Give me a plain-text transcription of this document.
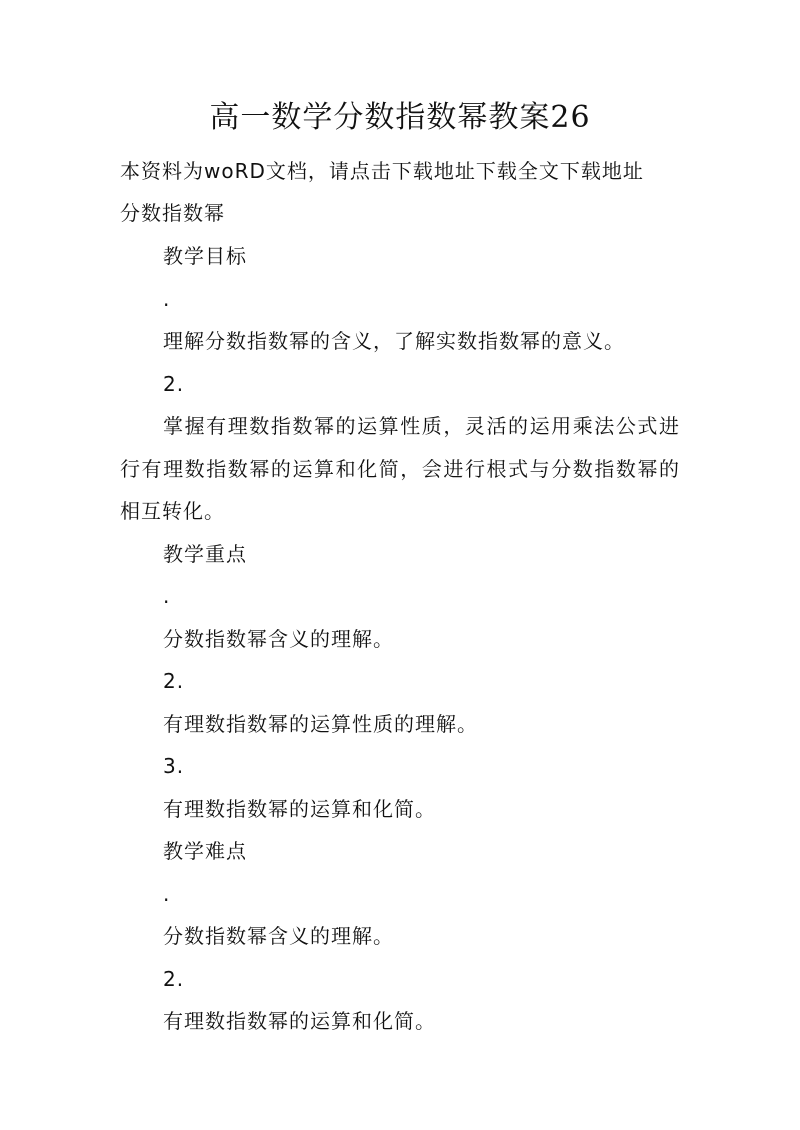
高一数学分数指数幂教案26
本资料为woRD文档，请点击下载地址下载全文下载地址
分数指数幂
教学目标
.
理解分数指数幂的含义，了解实数指数幂的意义。
2.
掌握有理数指数幂的运算性质，灵活的运用乘法公式进
行有理数指数幂的运算和化简，会进行根式与分数指数幂的
相互转化。
教学重点
.
分数指数幂含义的理解。
2.
有理数指数幂的运算性质的理解。
3.
有理数指数幂的运算和化简。
教学难点
.
分数指数幂含义的理解。
2.
有理数指数幂的运算和化简。
